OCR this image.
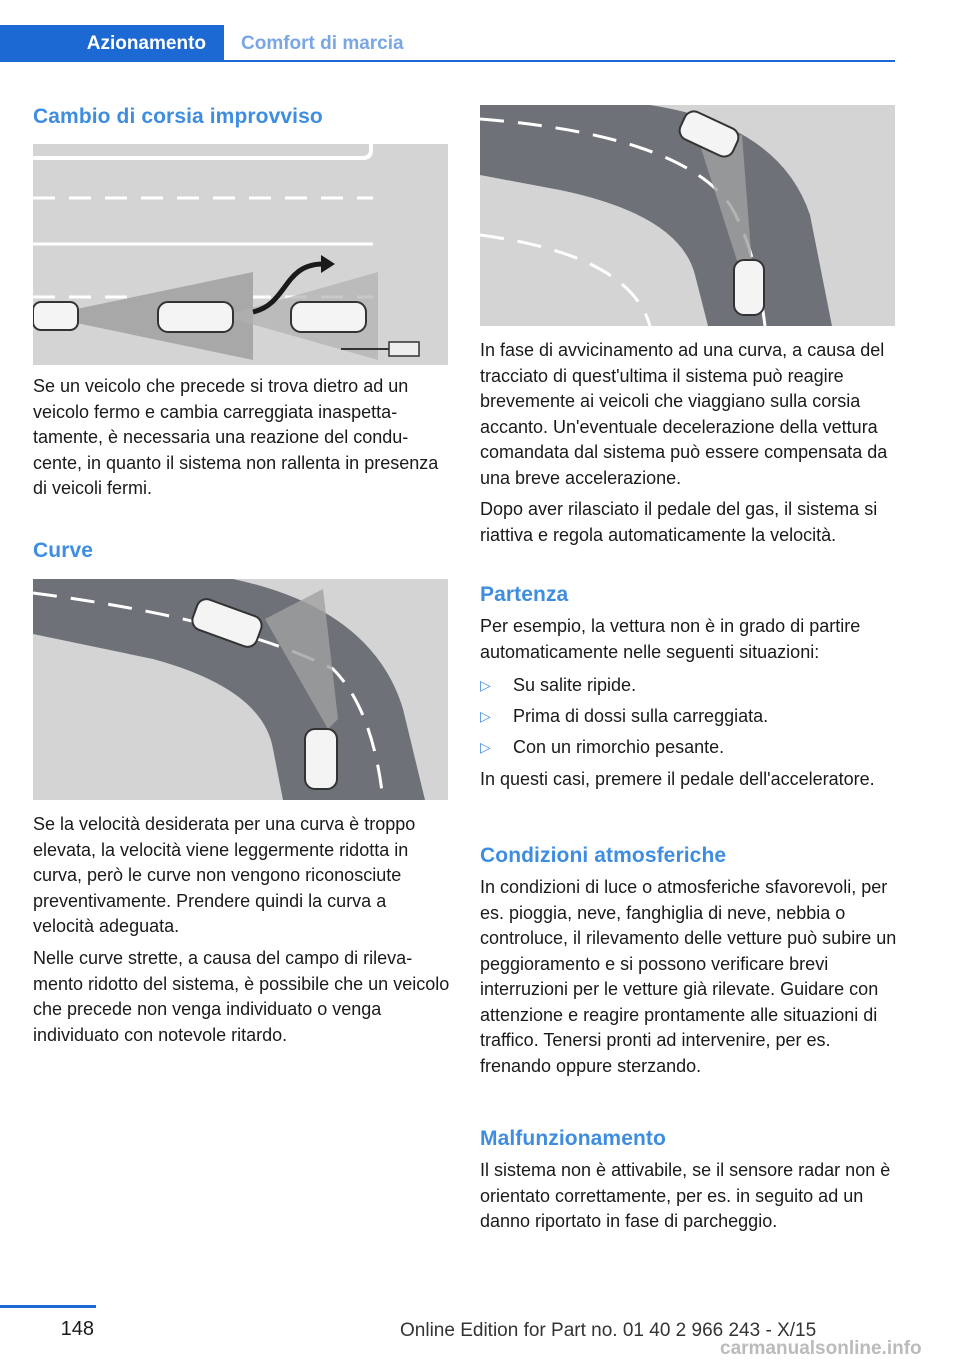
Azionamento	Comfort di marcia
Cambio di corsia improvviso

Se un veicolo che precede si trova dietro ad un veicolo fermo e cambia carreggiata inaspettatamente, è necessaria una reazione del conducente, in quanto il sistema non rallenta in presenza di veicoli fermi.

Curve

Se la velocità desiderata per una curva è troppo elevata, la velocità viene leggermente ridotta in curva, però le curve non vengono riconosciute preventivamente. Prendere quindi la curva a velocità adeguata.

Nelle curve strette, a causa del campo di rilevamento ridotto del sistema, è possibile che un veicolo che precede non venga individuato o venga individuato con notevole ritardo.

In fase di avvicinamento ad una curva, a causa del tracciato di quest'ultima il sistema può reagire brevemente ai veicoli che viaggiano sulla corsia accanto. Un'eventuale decelerazione della vettura comandata dal sistema può essere compensata da una breve accelerazione.

Dopo aver rilasciato il pedale del gas, il sistema si riattiva e regola automaticamente la velocità.

Partenza

Per esempio, la vettura non è in grado di partire automaticamente nelle seguenti situazioni:

▷ Su salite ripide.
▷ Prima di dossi sulla carreggiata.
▷ Con un rimorchio pesante.

In questi casi, premere il pedale dell'acceleratore.

Condizioni atmosferiche

In condizioni di luce o atmosferiche sfavorevoli, per es. pioggia, neve, fanghiglia di neve, nebbia o controluce, il rilevamento delle vetture può subire un peggioramento e si possono verificare brevi interruzioni per le vetture già rilevate. Guidare con attenzione e reagire prontamente alle situazioni di traffico. Tenersi pronti ad intervenire, per es. frenando oppure sterzando.

Malfunzionamento

Il sistema non è attivabile, se il sensore radar non è orientato correttamente, per es. in seguito ad un danno riportato in fase di parcheggio.

148	Online Edition for Part no. 01 40 2 966 243 - X/15
carmanualsonline.info
